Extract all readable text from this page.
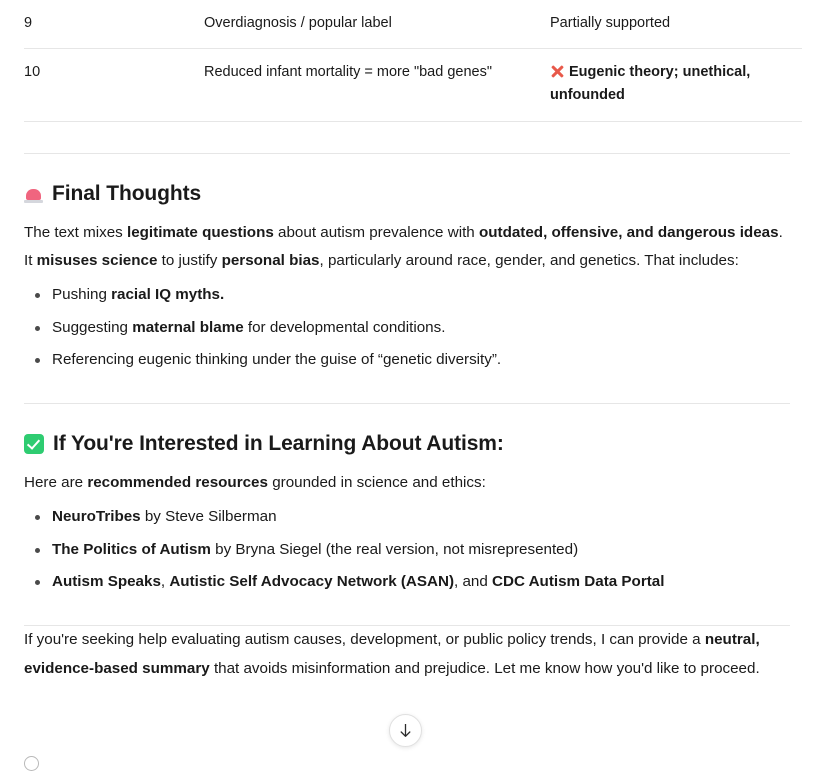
9	Overdiagnosis / popular label	Partially supported
10	Reduced infant mortality = more "bad genes"	Eugenic theory; unethical, unfounded
Final Thoughts

The text mixes legitimate questions about autism prevalence with outdated, offensive, and dangerous ideas. It misuses science to justify personal bias, particularly around race, gender, and genetics. That includes:

Pushing racial IQ myths.
Suggesting maternal blame for developmental conditions.
Referencing eugenic thinking under the guise of “genetic diversity”.
If You're Interested in Learning About Autism:

Here are recommended resources grounded in science and ethics:

NeuroTribes by Steve Silberman
The Politics of Autism by Bryna Siegel (the real version, not misrepresented)
Autism Speaks, Autistic Self Advocacy Network (ASAN), and CDC Autism Data Portal

If you're seeking help evaluating autism causes, development, or public policy trends, I can provide a neutral, evidence-based summary that avoids misinformation and prejudice. Let me know how you'd like to proceed.
